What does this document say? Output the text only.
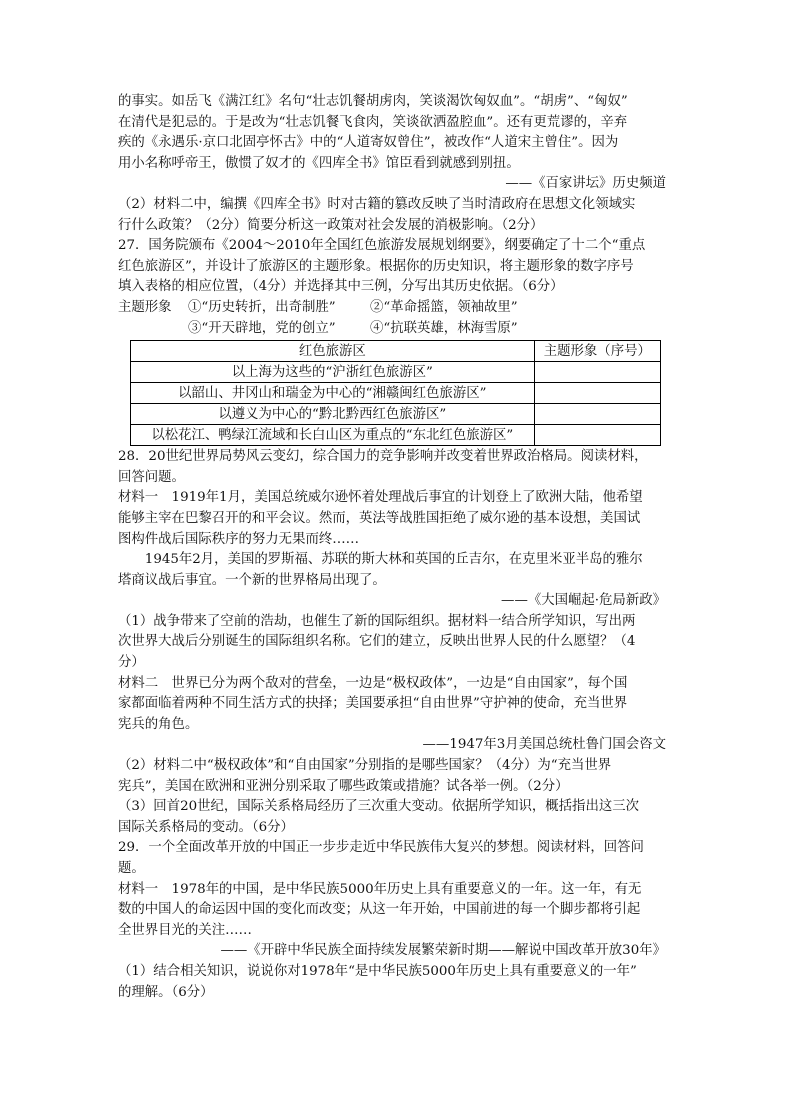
的事实。如岳飞《满江红》名句“壮志饥餐胡虏肉，笑谈渴饮匈奴血”。“胡虏”、“匈奴”

在清代是犯忌的。于是改为“壮志饥餐飞食肉，笑谈欲洒盈腔血”。还有更荒谬的，辛弃

疾的《永遇乐·京口北固亭怀古》中的“人道寄奴曾住”，被改作“人道宋主曾住”。因为

用小名称呼帝王，傲惯了奴才的《四库全书》馆臣看到就感到别扭。

——《百家讲坛》历史频道

（2）材料二中，编撰《四库全书》时对古籍的篡改反映了当时清政府在思想文化领域实

行什么政策？（2分）简要分析这一政策对社会发展的消极影响。（2分）

27．国务院颁布《2004～2010年全国红色旅游发展规划纲要》，纲要确定了十二个“重点

红色旅游区”，并设计了旅游区的主题形象。根据你的历史知识，将主题形象的数字序号

填入表格的相应位置，（4分）并选择其中三例，分写出其历史依据。（6分）

主题形象	①“历史转折，出奇制胜”	②“革命摇篮，领袖故里”
③“开天辟地，党的创立”	④“抗联英雄，林海雪原”
红色旅游区	主题形象（序号）
以上海为这些的“沪浙红色旅游区”	
以韶山、井冈山和瑞金为中心的“湘赣闽红色旅游区”	
以遵义为中心的“黔北黔西红色旅游区”	
以松花江、鸭绿江流域和长白山区为重点的“东北红色旅游区”	

28．20世纪世界局势风云变幻，综合国力的竞争影响并改变着世界政治格局。阅读材料，

回答问题。

材料一　1919年1月，美国总统威尔逊怀着处理战后事宜的计划登上了欧洲大陆，他希望

能够主宰在巴黎召开的和平会议。然而，英法等战胜国拒绝了威尔逊的基本设想，美国试

图构件战后国际秩序的努力无果而终……

1945年2月，美国的罗斯福、苏联的斯大林和英国的丘吉尔，在克里米亚半岛的雅尔

塔商议战后事宜。一个新的世界格局出现了。

——《大国崛起·危局新政》

（1）战争带来了空前的浩劫，也催生了新的国际组织。据材料一结合所学知识，写出两

次世界大战后分别诞生的国际组织名称。它们的建立，反映出世界人民的什么愿望？（4

分）

材料二　世界已分为两个敌对的营垒，一边是“极权政体”，一边是“自由国家”，每个国

家都面临着两种不同生活方式的抉择；美国要承担“自由世界”守护神的使命，充当世界

宪兵的角色。

——1947年3月美国总统杜鲁门国会咨文

（2）材料二中“极权政体”和“自由国家”分别指的是哪些国家？（4分）为“充当世界

宪兵”，美国在欧洲和亚洲分别采取了哪些政策或措施？试各举一例。（2分）

（3）回首20世纪，国际关系格局经历了三次重大变动。依据所学知识，概括指出这三次

国际关系格局的变动。（6分）

29．一个全面改革开放的中国正一步步走近中华民族伟大复兴的梦想。阅读材料，回答问

题。

材料一　1978年的中国，是中华民族5000年历史上具有重要意义的一年。这一年，有无

数的中国人的命运因中国的变化而改变；从这一年开始，中国前进的每一个脚步都将引起

全世界目光的关注……

——《开辟中华民族全面持续发展繁荣新时期——解说中国改革开放30年》

（1）结合相关知识，说说你对1978年“是中华民族5000年历史上具有重要意义的一年”

的理解。（6分）
